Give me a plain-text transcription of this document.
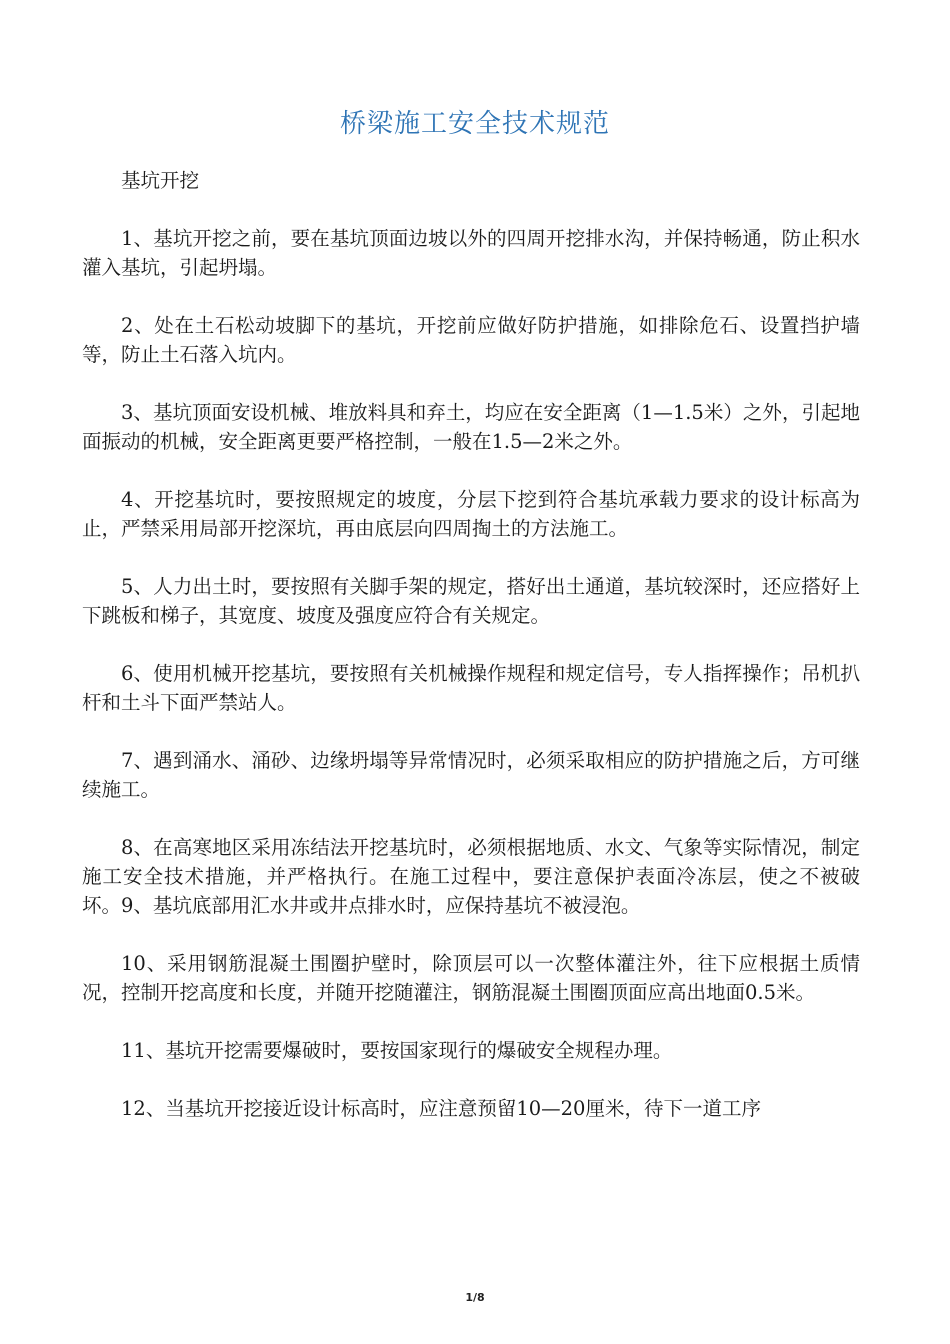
桥梁施工安全技术规范

基坑开挖

1、基坑开挖之前，要在基坑顶面边坡以外的四周开挖排水沟，并保持畅通，防止积水灌入基坑，引起坍塌。

2、处在土石松动坡脚下的基坑，开挖前应做好防护措施，如排除危石、设置挡护墙等，防止土石落入坑内。

3、基坑顶面安设机械、堆放料具和弃土，均应在安全距离（1—1.5米）之外，引起地面振动的机械，安全距离更要严格控制，一般在1.5—2米之外。

4、开挖基坑时，要按照规定的坡度，分层下挖到符合基坑承载力要求的设计标高为止，严禁采用局部开挖深坑，再由底层向四周掏土的方法施工。

5、人力出土时，要按照有关脚手架的规定，搭好出土通道，基坑较深时，还应搭好上下跳板和梯子，其宽度、坡度及强度应符合有关规定。

6、使用机械开挖基坑，要按照有关机械操作规程和规定信号，专人指挥操作；吊机扒杆和土斗下面严禁站人。

7、遇到涌水、涌砂、边缘坍塌等异常情况时，必须采取相应的防护措施之后，方可继续施工。

8、在高寒地区采用冻结法开挖基坑时，必须根据地质、水文、气象等实际情况，制定施工安全技术措施，并严格执行。在施工过程中，要注意保护表面冷冻层，使之不被破坏。9、基坑底部用汇水井或井点排水时，应保持基坑不被浸泡。

10、采用钢筋混凝土围圈护壁时，除顶层可以一次整体灌注外，往下应根据土质情况，控制开挖高度和长度，并随开挖随灌注，钢筋混凝土围圈顶面应高出地面0.5米。

11、基坑开挖需要爆破时，要按国家现行的爆破安全规程办理。

12、当基坑开挖接近设计标高时，应注意预留10—20厘米，待下一道工序

1/8
